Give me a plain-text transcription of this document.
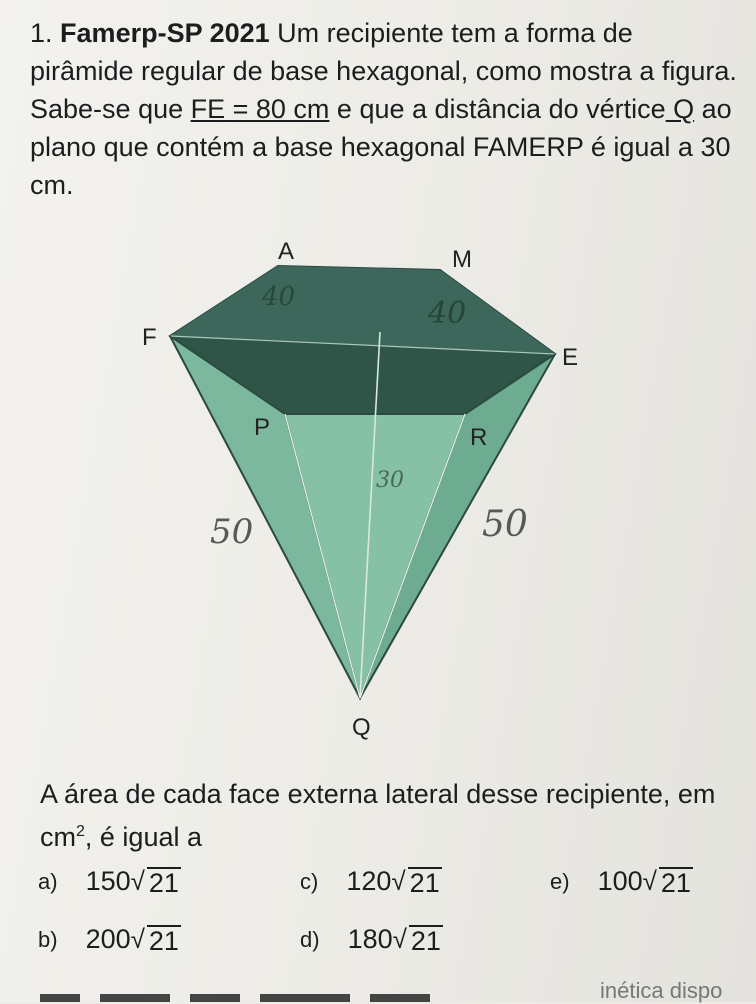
1. Famerp-SP 2021 Um recipiente tem a forma de pirâmide regular de base hexagonal, como mostra a figura. Sabe-se que FE = 80 cm e que a distância do vértice Q ao plano que contém a base hexagonal FAMERP é igual a 30 cm.
A	M
F
E
P	R
Q
40	40
50	50
30
A área de cada face externa lateral desse recipiente, em $cm^2$, é igual a
a) 150 √ 21
b) 200 √ 21
c) 120 √ 21
d) 180 √ 21
e) 100 √ 21
inética dispo
